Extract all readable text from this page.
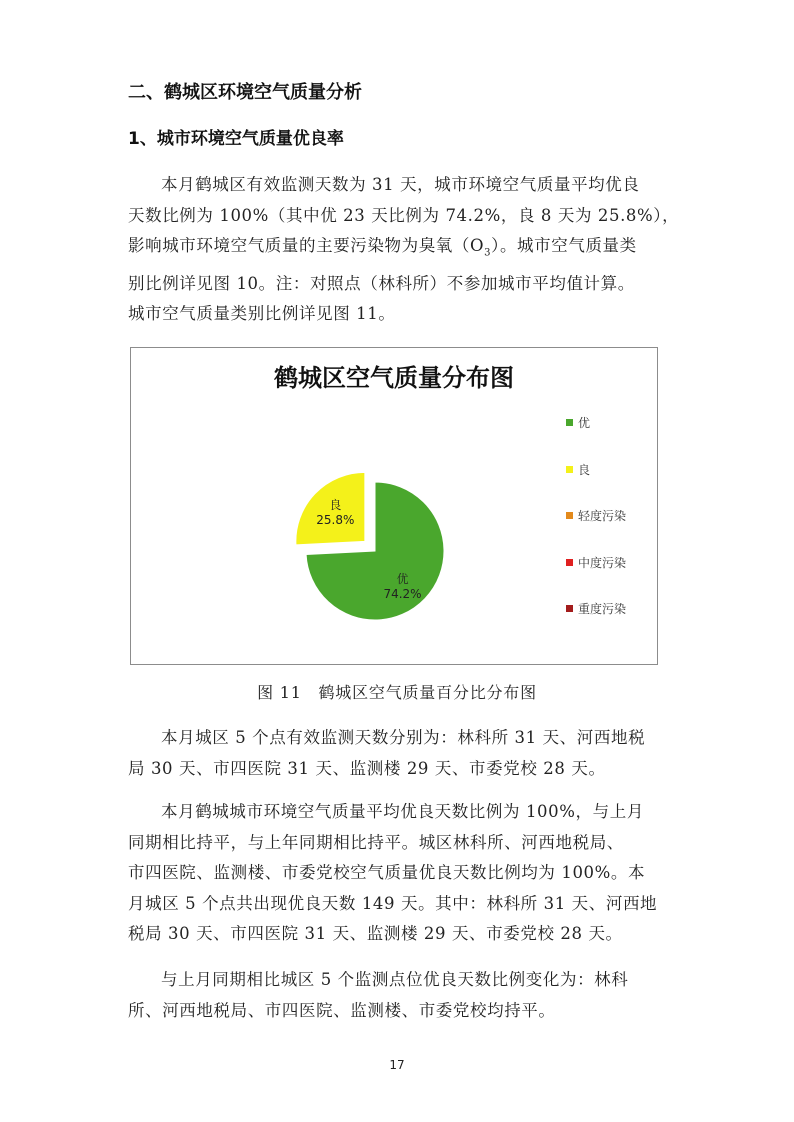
二、鹤城区环境空气质量分析
1、城市环境空气质量优良率
本月鹤城区有效监测天数为 31 天，城市环境空气质量平均优良
天数比例为 100%（其中优 23 天比例为 74.2%，良 8 天为 25.8%），
影响城市环境空气质量的主要污染物为臭氧$(O_3)$。城市空气质量类
别比例详见图 10。注：对照点（林科所）不参加城市平均值计算。
城市空气质量类别比例详见图 11。
鹤城区空气质量分布图
优
74.2%
良
25.8%
优
良
轻度污染
中度污染
重度污染
图 11　鹤城区空气质量百分比分布图
本月城区 5 个点有效监测天数分别为：林科所 31 天、河西地税
局 30 天、市四医院 31 天、监测楼 29 天、市委党校 28 天。
本月鹤城城市环境空气质量平均优良天数比例为 100%，与上月
同期相比持平，与上年同期相比持平。城区林科所、河西地税局、
市四医院、监测楼、市委党校空气质量优良天数比例均为 100%。本
月城区 5 个点共出现优良天数 149 天。其中：林科所 31 天、河西地
税局 30 天、市四医院 31 天、监测楼 29 天、市委党校 28 天。
与上月同期相比城区 5 个监测点位优良天数比例变化为：林科
所、河西地税局、市四医院、监测楼、市委党校均持平。
17
